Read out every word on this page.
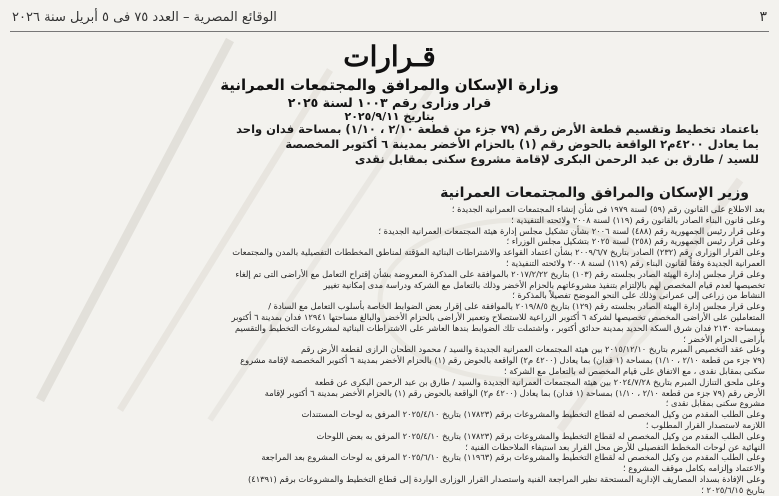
٣
الوقائع المصرية – العدد ٧٥ فى ٥ أبريل سنة ٢٠٢٦
قـرارات
وزارة الإسكان والمرافق والمجتمعات العمرانية
قرار وزارى رقم ١٠٠٣ لسنة ٢٠٢٥
بتاريخ ٢٠٢٥/٩/١١
باعتماد تخطيط وتقسيم قطعة الأرض رقم (٧٩ جزء من قطعة ٢/١٠ ، ١/١٠) بمساحة فدان واحد
بما يعادل ٤٢٠٠م٢ الواقعة بالحوض رقم (١) بالحزام الأخضر بمدينة ٦ أكتوبر المخصصة
للسيد / طارق بن عبد الرحمن البكرى لإقامة مشروع سكنى بمقابل نقدى
وزير الإسكان والمرافق والمجتمعات العمرانية
بعد الاطلاع على القانون رقم (٥٩) لسنة ١٩٧٩ فى شأن إنشاء المجتمعات العمرانية الجديدة ؛
وعلى قانون البناء الصادر بالقانون رقم (١١٩) لسنة ٢٠٠٨ ولائحته التنفيذية ؛
وعلى قرار رئيس الجمهورية رقم (٤٨٨) لسنة ٢٠٠٦ بشأن تشكيل مجلس إدارة هيئة المجتمعات العمرانية الجديدة ؛
وعلى قرار رئيس الجمهورية رقم (٢٥٨) لسنة ٢٠٢٥ بتشكيل مجلس الوزراء ؛
وعلى القرار الوزارى رقم (٢٣٢) الصادر بتاريخ ٢٠٠٩/٦/٧ بشأن اعتماد القواعد والاشتراطات البنائية المؤقتة لمناطق المخططات التفصيلية بالمدن والمجتمعات
العمرانية الجديدة وفقاً لقانون البناء رقم (١١٩) لسنة ٢٠٠٨ ولائحته التنفيذية ؛
وعلى قرار مجلس إدارة الهيئة الصادر بجلسته رقم (١٠٣) بتاريخ ٢٠١٧/٢/٢٢ بالموافقة على المذكرة المعروضة بشأن إقتراح التعامل مع الأراضى التى تم إلغاء
تخصيصها لعدم قيام المخصص لهم بالإلتزام بتنفيذ مشروعاتهم بالحزام الأخضر وذلك بالتعامل مع الشركة ودراسة مدى إمكانية تغيير
النشاط من زراعى إلى عمرانى وذلك على النحو الموضح تفصيلاً بالمذكرة ؛
وعلى قرار مجلس إدارة الهيئة الصادر بجلسته رقم (١٢٩) بتاريخ ٢٠١٩/٨/٥ بالموافقة على إقرار بعض الضوابط الخاصة بأسلوب التعامل مع السادة /
المتعاملين على الأراضى المخصص تخصيصها لشركة ٦ أكتوبر الزراعية للاستصلاح وتعمير الأراضى بالحزام الأخضر والبالغ مساحتها ١٢٩٤١ فدان بمدينة ٦ أكتوبر
وبمساحة ٢١٣٠ فدان شرق السكة الحديد بمدينة حدائق أكتوبر ، واشتملت تلك الضوابط بندها العاشر على الاشتراطات البنائية لمشروعات التخطيط والتقسيم
بأراضى الحزام الأخضر ؛
وعلى عقد التخصيص المبرم بتاريخ ٢٠١٥/١٢/١٠ بين هيئة المجتمعات العمرانية الجديدة والسيد / محمود الطحان الرازى لقطعة الأرض رقم
(٧٩ جزء من قطعة ٢/١٠ ، ١/١٠) بمساحة (١ فدان) بما يعادل (٤٢٠٠ م٢) الواقعة بالحوض رقم (١) بالحزام الأخضر بمدينة ٦ أكتوبر المخصصة لإقامة مشروع
سكنى بمقابل نقدى ، مع الاتفاق على قيام المخصص له بالتعامل مع الشركة ؛
وعلى ملحق التنازل المبرم بتاريخ ٢٠٢٤/٧/٢٨ بين هيئة المجتمعات العمرانية الجديدة والسيد / طارق بن عبد الرحمن البكرى عن قطعة
الأرض رقم (٧٩ جزء من قطعة ٢/١٠ ، ١/١٠) بمساحة (١ فدان) بما يعادل (٤٢٠٠ م٢) الواقعة بالحوض رقم (١) بالحزام الأخضر بمدينة ٦ أكتوبر لإقامة
مشروع سكنى بمقابل نقدى ؛
وعلى الطلب المقدم من وكيل المخصص له لقطاع التخطيط والمشروعات برقم (١٧٨٢٣) بتاريخ ٢٠٢٥/٤/١٠ المرفق به لوحات المستندات
اللازمة لاستصدار القرار المطلوب ؛
وعلى الطلب المقدم من وكيل المخصص له لقطاع التخطيط والمشروعات برقم (١٧٨٢٣) بتاريخ ٢٠٢٥/٤/١٠ المرفق به بعض اللوحات
النهائية عن لوحات المخطط التفصيلى للأرض محل القرار بعد استيفاء الملاحظات الفنية ؛
وعلى الطلب المقدم من وكيل المخصص له لقطاع التخطيط والمشروعات برقم (١١٩٦٣) بتاريخ ٢٠٢٥/٦/١٠ المرفق به لوحات المشروع بعد المراجعة
والاعتماد وإلزامه بكامل موقف المشروع ؛
وعلى الإفادة بسداد المصاريف الإدارية المستحقة نظير المراجعة الفنية واستصدار القرار الوزارى الواردة إلى قطاع التخطيط والمشروعات برقم (٤١٣٩١)
بتاريخ ٢٠٢٥/٦/١٥ ؛
